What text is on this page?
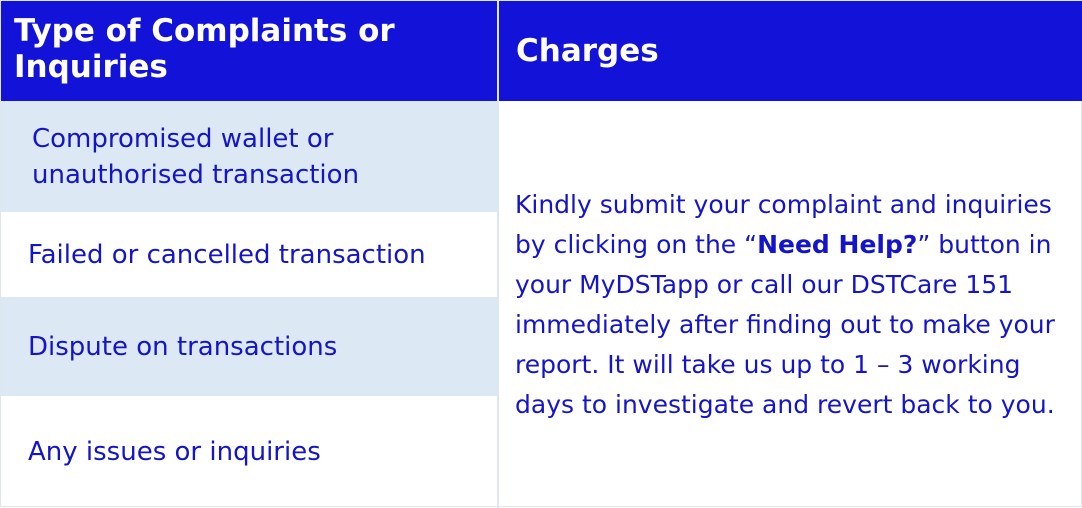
Type of Complaints or Inquiries	Charges
Compromised wallet or unauthorised transaction
Failed or cancelled transaction
Dispute on transactions
Any issues or inquiries
Kindly submit your complaint and inquiries by clicking on the “Need Help?” button in your MyDSTapp or call our DSTCare 151 immediately after finding out to make your report. It will take us up to 1 – 3 working days to investigate and revert back to you.
